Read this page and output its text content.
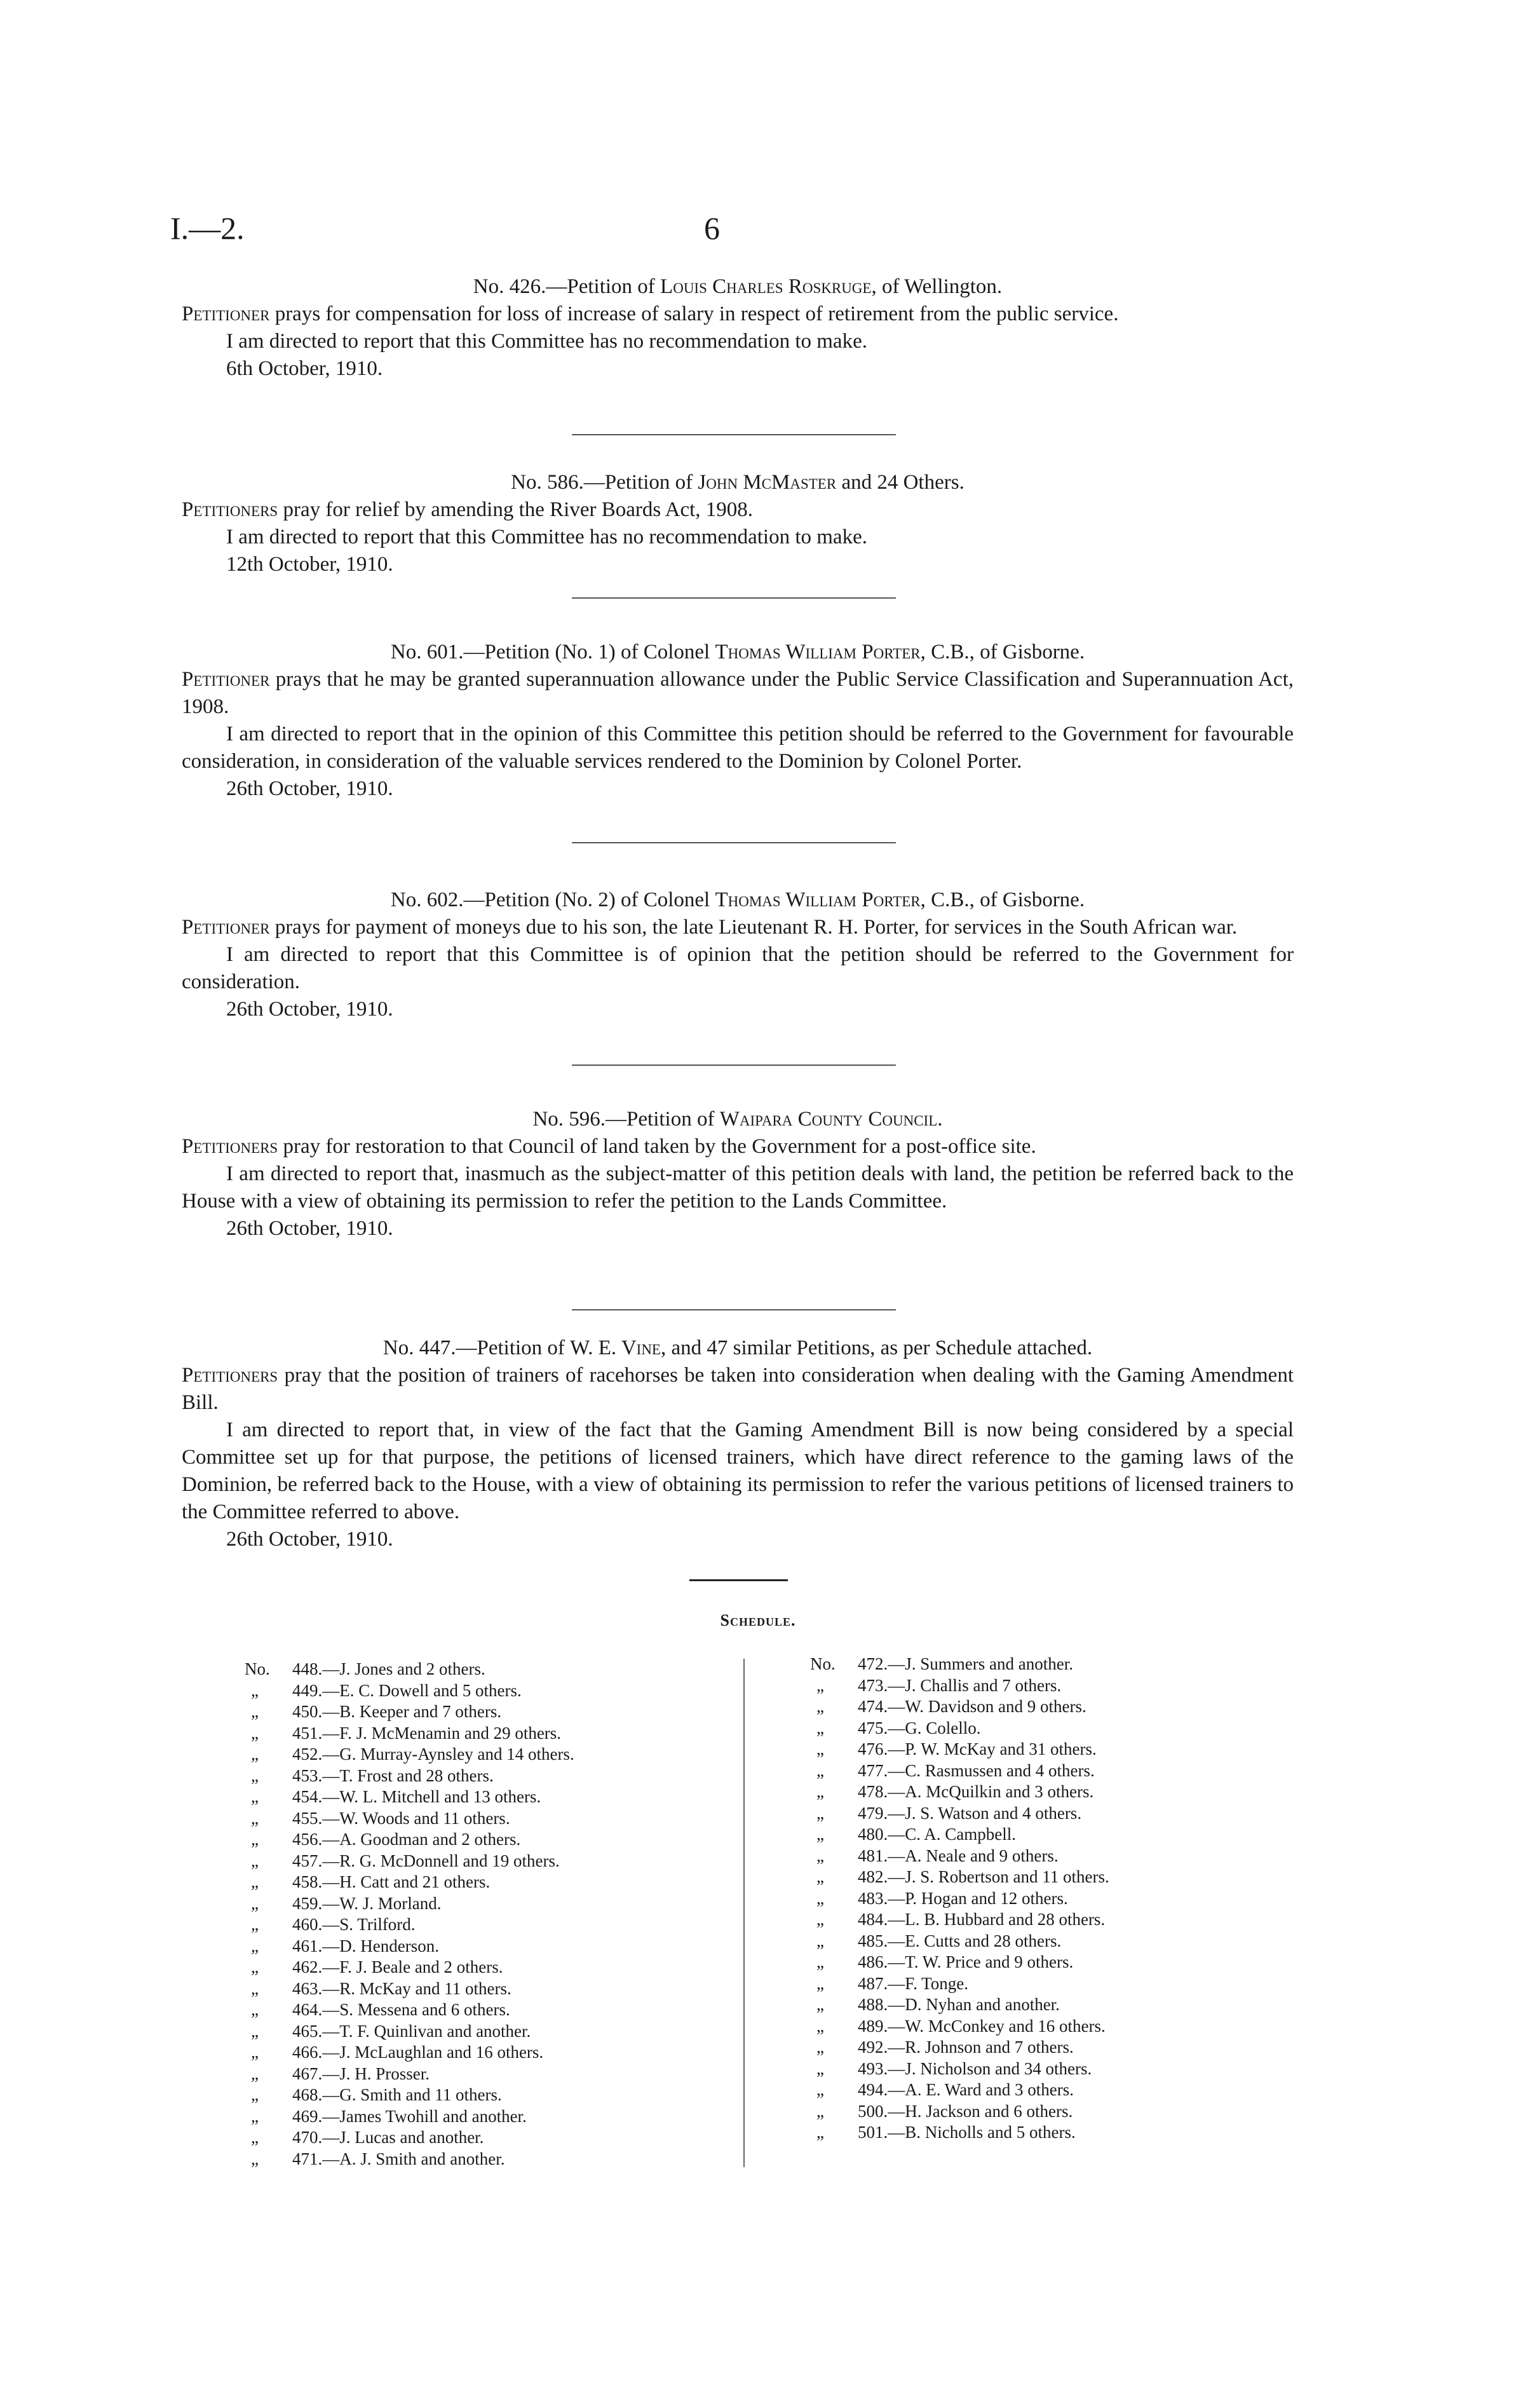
I.—2.	6

No. 426.—Petition of Louis Charles Roskruge, of Wellington.

Petitioner prays for compensation for loss of increase of salary in respect of retirement from the public service.

I am directed to report that this Committee has no recommendation to make.

6th October, 1910.

No. 586.—Petition of John McMaster and 24 Others.

Petitioners pray for relief by amending the River Boards Act, 1908.

I am directed to report that this Committee has no recommendation to make.

12th October, 1910.

No. 601.—Petition (No. 1) of Colonel Thomas William Porter, C.B., of Gisborne.

Petitioner prays that he may be granted superannuation allowance under the Public Service Classification and Superannuation Act, 1908.

I am directed to report that in the opinion of this Committee this petition should be referred to the Government for favourable consideration, in consideration of the valuable services rendered to the Dominion by Colonel Porter.

26th October, 1910.

No. 602.—Petition (No. 2) of Colonel Thomas William Porter, C.B., of Gisborne.

Petitioner prays for payment of moneys due to his son, the late Lieutenant R. H. Porter, for services in the South African war.

I am directed to report that this Committee is of opinion that the petition should be referred to the Government for consideration.

26th October, 1910.

No. 596.—Petition of Waipara County Council.

Petitioners pray for restoration to that Council of land taken by the Government for a post-office site.

I am directed to report that, inasmuch as the subject-matter of this petition deals with land, the petition be referred back to the House with a view of obtaining its permission to refer the petition to the Lands Committee.

26th October, 1910.

No. 447.—Petition of W. E. Vine, and 47 similar Petitions, as per Schedule attached.

Petitioners pray that the position of trainers of racehorses be taken into consideration when dealing with the Gaming Amendment Bill.

I am directed to report that, in view of the fact that the Gaming Amendment Bill is now being considered by a special Committee set up for that purpose, the petitions of licensed trainers, which have direct reference to the gaming laws of the Dominion, be referred back to the House, with a view of obtaining its permission to refer the various petitions of licensed trainers to the Committee referred to above.

26th October, 1910.

Schedule.
No. 448.—J. Jones and 2 others.
„ 449.—E. C. Dowell and 5 others.
„ 450.—B. Keeper and 7 others.
„ 451.—F. J. McMenamin and 29 others.
„ 452.—G. Murray-Aynsley and 14 others.
„ 453.—T. Frost and 28 others.
„ 454.—W. L. Mitchell and 13 others.
„ 455.—W. Woods and 11 others.
„ 456.—A. Goodman and 2 others.
„ 457.—R. G. McDonnell and 19 others.
„ 458.—H. Catt and 21 others.
„ 459.—W. J. Morland.
„ 460.—S. Trilford.
„ 461.—D. Henderson.
„ 462.—F. J. Beale and 2 others.
„ 463.—R. McKay and 11 others.
„ 464.—S. Messena and 6 others.
„ 465.—T. F. Quinlivan and another.
„ 466.—J. McLaughlan and 16 others.
„ 467.—J. H. Prosser.
„ 468.—G. Smith and 11 others.
„ 469.—James Twohill and another.
„ 470.—J. Lucas and another.
„ 471.—A. J. Smith and another.
No. 472.—J. Summers and another.
„ 473.—J. Challis and 7 others.
„ 474.—W. Davidson and 9 others.
„ 475.—G. Colello.
„ 476.—P. W. McKay and 31 others.
„ 477.—C. Rasmussen and 4 others.
„ 478.—A. McQuilkin and 3 others.
„ 479.—J. S. Watson and 4 others.
„ 480.—C. A. Campbell.
„ 481.—A. Neale and 9 others.
„ 482.—J. S. Robertson and 11 others.
„ 483.—P. Hogan and 12 others.
„ 484.—L. B. Hubbard and 28 others.
„ 485.—E. Cutts and 28 others.
„ 486.—T. W. Price and 9 others.
„ 487.—F. Tonge.
„ 488.—D. Nyhan and another.
„ 489.—W. McConkey and 16 others.
„ 492.—R. Johnson and 7 others.
„ 493.—J. Nicholson and 34 others.
„ 494.—A. E. Ward and 3 others.
„ 500.—H. Jackson and 6 others.
„ 501.—B. Nicholls and 5 others.
